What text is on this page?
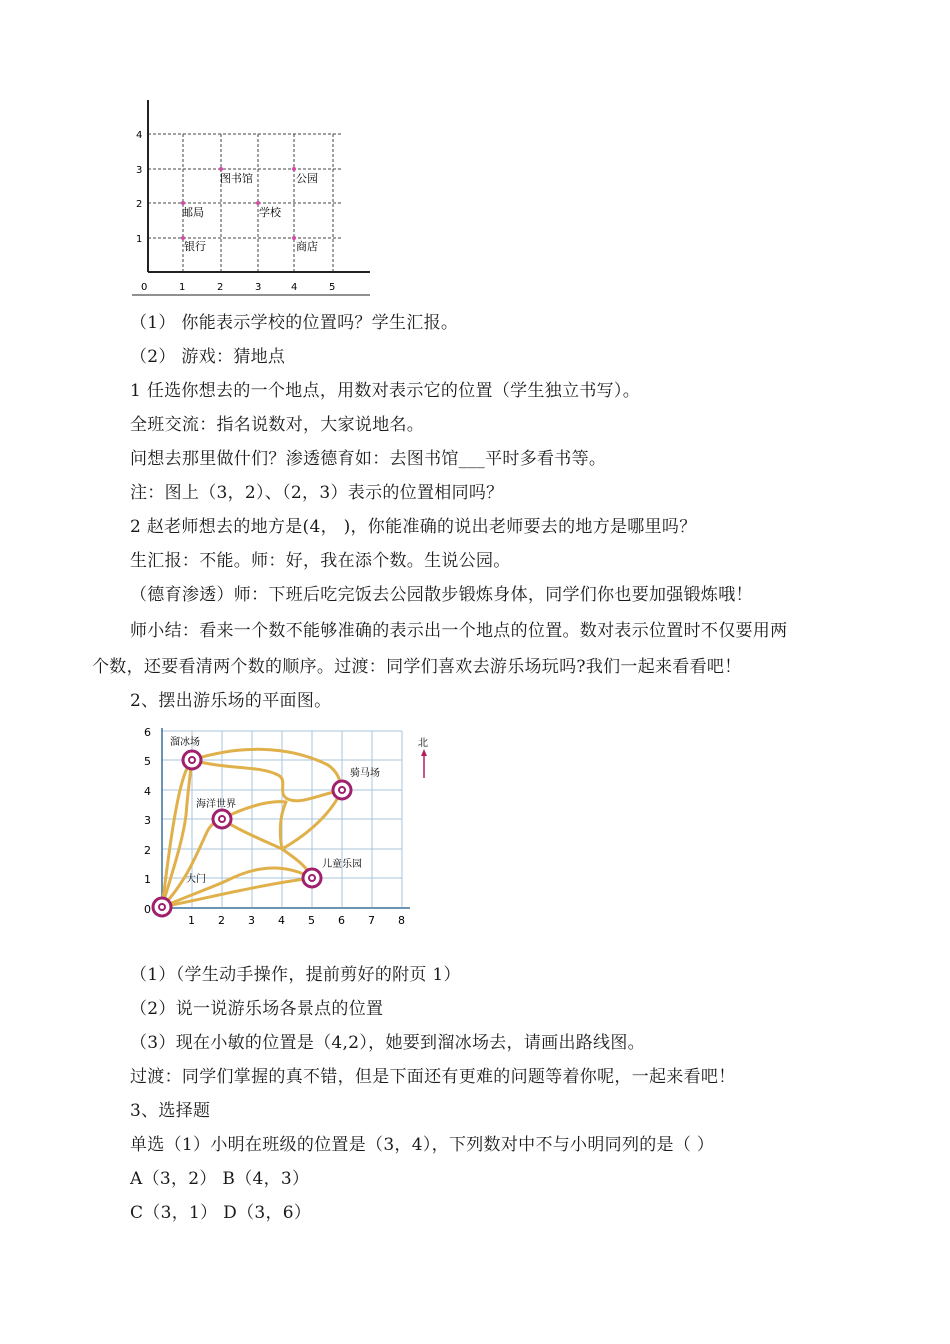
4
3
2
1
0	1	2	3	4	5
图书馆	公园
邮局	学校
银行	商店
（1） 你能表示学校的位置吗？学生汇报。
（2） 游戏：猜地点
1 任选你想去的一个地点，用数对表示它的位置（学生独立书写）。
全班交流：指名说数对，大家说地名。
问想去那里做什们？渗透德育如：去图书馆___平时多看书等。
注：图上（3，2）、（2，3）表示的位置相同吗？
2 赵老师想去的地方是(4， )，你能准确的说出老师要去的地方是哪里吗？
生汇报：不能。师：好，我在添个数。生说公园。
（德育渗透）师：下班后吃完饭去公园散步锻炼身体，同学们你也要加强锻炼哦！
师小结：看来一个数不能够准确的表示出一个地点的位置。数对表示位置时不仅要用两
个数，还要看清两个数的顺序。过渡：同学们喜欢去游乐场玩吗?我们一起来看看吧！
2、摆出游乐场的平面图。
0
1
2
3
4
5
6
1 2 3 4 5 6 7 8
溜冰场
骑马场
海洋世界
儿童乐园
大门
北
（1）（学生动手操作，提前剪好的附页 1）
（2）说一说游乐场各景点的位置
（3）现在小敏的位置是（4,2），她要到溜冰场去，请画出路线图。
过渡：同学们掌握的真不错，但是下面还有更难的问题等着你呢，一起来看吧！
3、选择题
单选（1）小明在班级的位置是（3，4），下列数对中不与小明同列的是（ ）
A（3，2） B（4，3）
C（3，1） D（3，6）
